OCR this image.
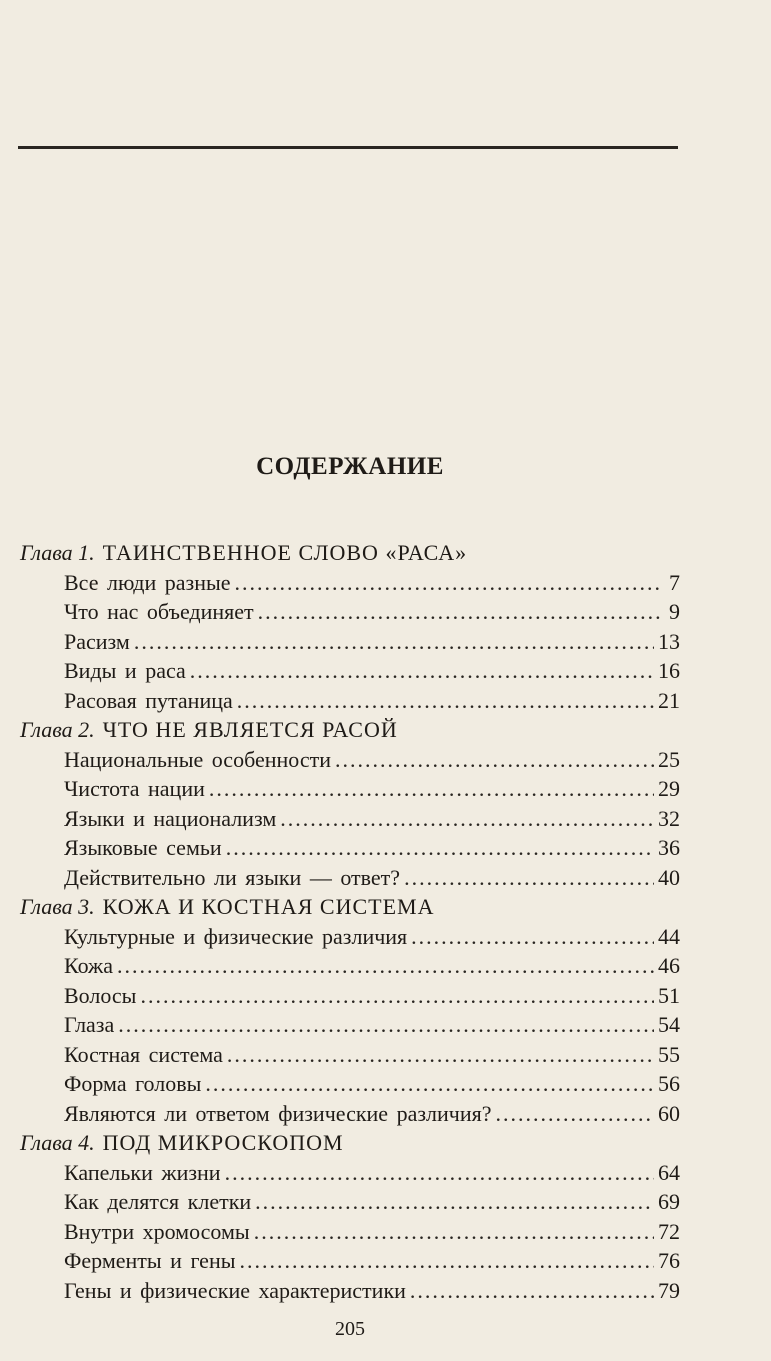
СОДЕРЖАНИЕ
Глава 1. ТАИНСТВЕННОЕ СЛОВО «РАСА»
Все люди разные .....	7
Что нас объединяет .....	9
Расизм .....	13
Виды и раса .....	16
Расовая путаница .....	21
Глава 2. ЧТО НЕ ЯВЛЯЕТСЯ РАСОЙ
Национальные особенности .....	25
Чистота нации .....	29
Языки и национализм .....	32
Языковые семьи .....	36
Действительно ли языки — ответ? .....	40
Глава 3. КОЖА И КОСТНАЯ СИСТЕМА
Культурные и физические различия .....	44
Кожа .....	46
Волосы .....	51
Глаза .....	54
Костная система .....	55
Форма головы .....	56
Являются ли ответом физические различия? .....	60
Глава 4. ПОД МИКРОСКОПОМ
Капельки жизни .....	64
Как делятся клетки .....	69
Внутри хромосомы .....	72
Ферменты и гены .....	76
Гены и физические характеристики .....	79
205
